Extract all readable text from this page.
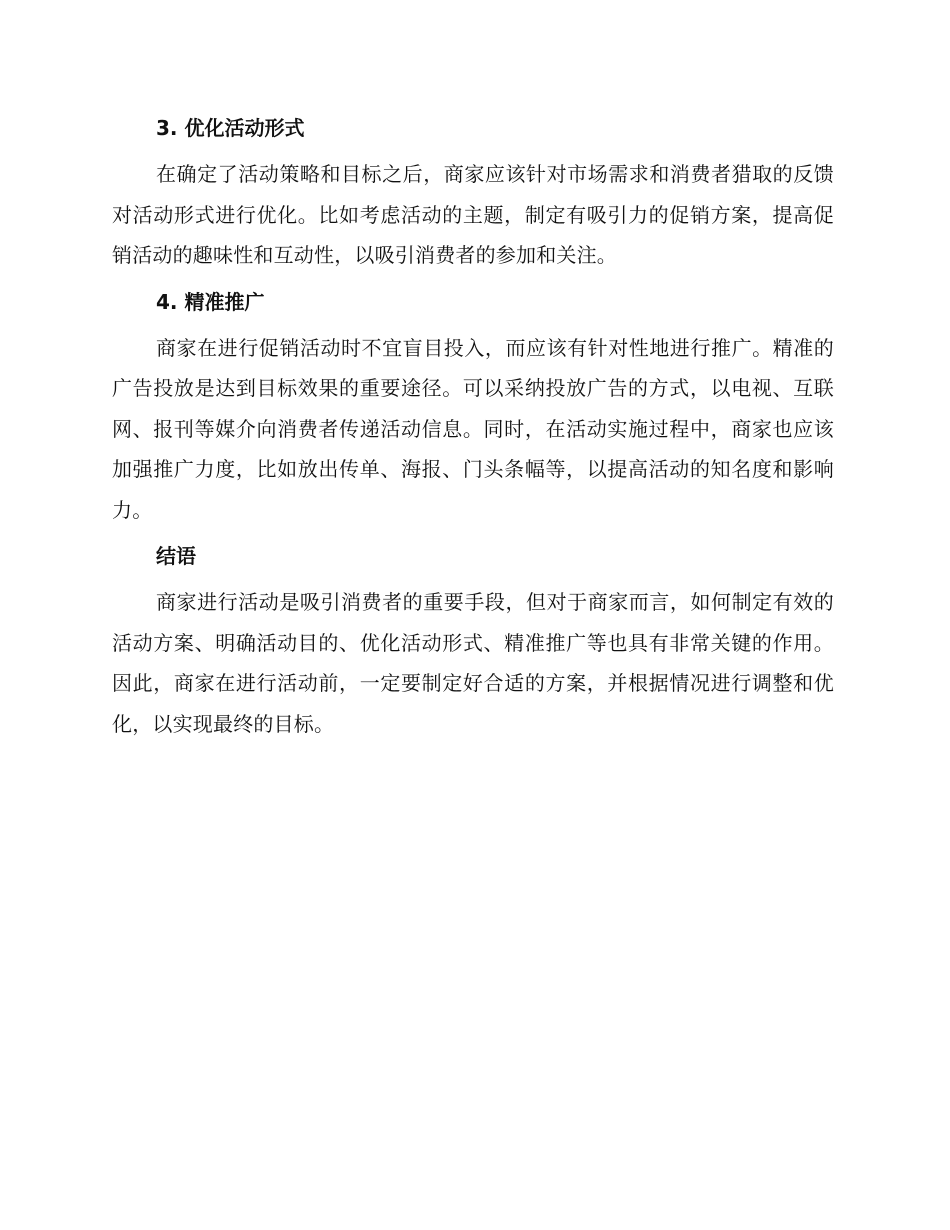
3. 优化活动形式

在确定了活动策略和目标之后，商家应该针对市场需求和消费者猎取的反馈对活动形式进行优化。比如考虑活动的主题，制定有吸引力的促销方案，提高促销活动的趣味性和互动性，以吸引消费者的参加和关注。

4. 精准推广

商家在进行促销活动时不宜盲目投入，而应该有针对性地进行推广。精准的广告投放是达到目标效果的重要途径。可以采纳投放广告的方式，以电视、互联网、报刊等媒介向消费者传递活动信息。同时，在活动实施过程中，商家也应该加强推广力度，比如放出传单、海报、门头条幅等，以提高活动的知名度和影响力。

结语

商家进行活动是吸引消费者的重要手段，但对于商家而言，如何制定有效的活动方案、明确活动目的、优化活动形式、精准推广等也具有非常关键的作用。因此，商家在进行活动前，一定要制定好合适的方案，并根据情况进行调整和优化，以实现最终的目标。
